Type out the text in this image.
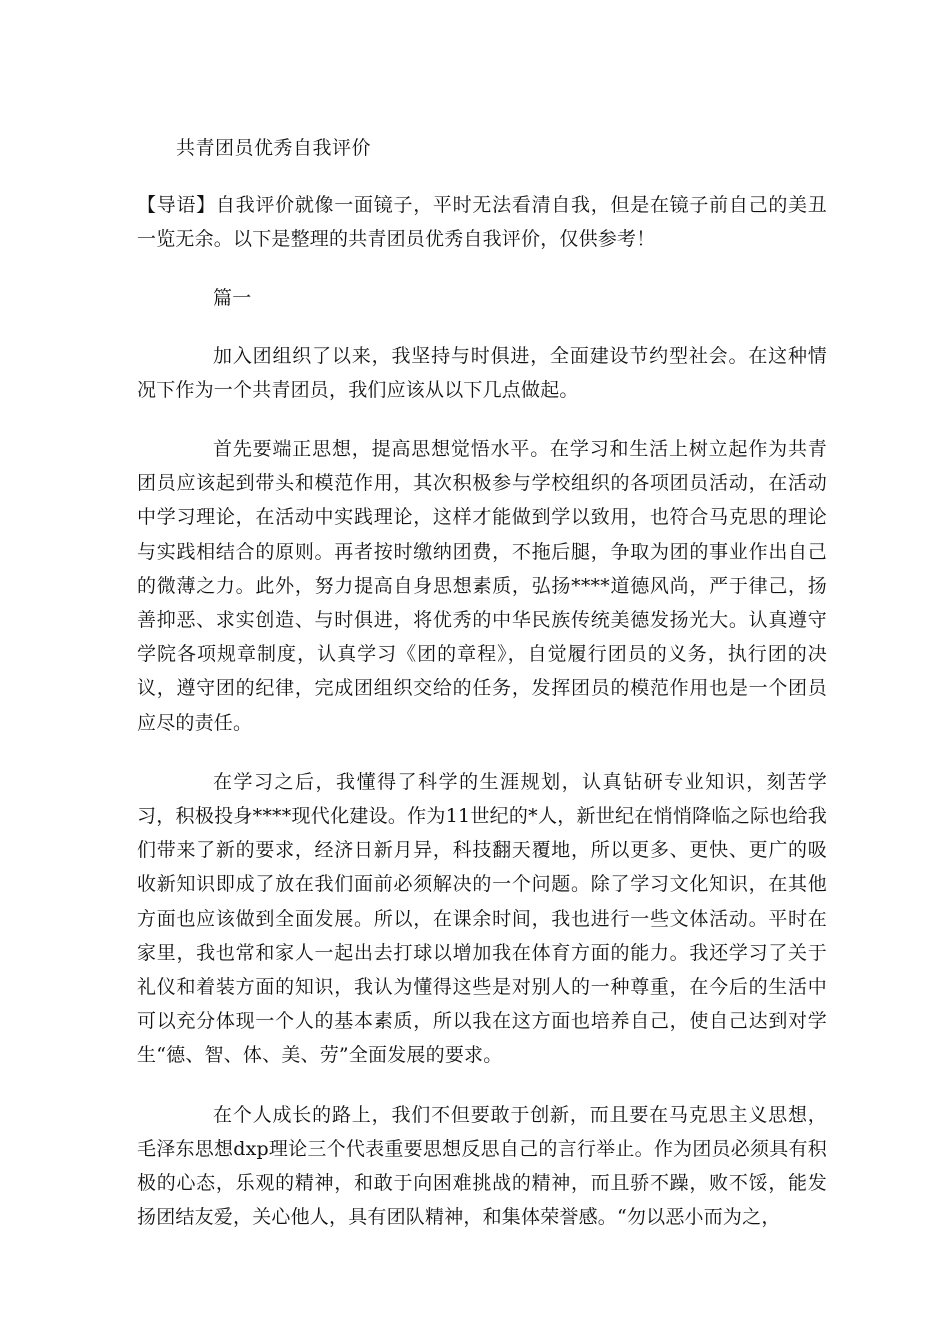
共青团员优秀自我评价

【导语】自我评价就像一面镜子，平时无法看清自我，但是在镜子前自己的美丑一览无余。以下是整理的共青团员优秀自我评价，仅供参考！

篇一

加入团组织了以来，我坚持与时俱进，全面建设节约型社会。在这种情况下作为一个共青团员，我们应该从以下几点做起。

首先要端正思想，提高思想觉悟水平。在学习和生活上树立起作为共青团员应该起到带头和模范作用，其次积极参与学校组织的各项团员活动，在活动中学习理论，在活动中实践理论，这样才能做到学以致用，也符合马克思的理论与实践相结合的原则。再者按时缴纳团费，不拖后腿，争取为团的事业作出自己的微薄之力。此外，努力提高自身思想素质，弘扬****道德风尚，严于律己，扬善抑恶、求实创造、与时俱进，将优秀的中华民族传统美德发扬光大。认真遵守学院各项规章制度，认真学习《团的章程》，自觉履行团员的义务，执行团的决议，遵守团的纪律，完成团组织交给的任务，发挥团员的模范作用也是一个团员应尽的责任。

在学习之后，我懂得了科学的生涯规划，认真钻研专业知识，刻苦学习，积极投身****现代化建设。作为11世纪的*人，新世纪在悄悄降临之际也给我们带来了新的要求，经济日新月异，科技翻天覆地，所以更多、更快、更广的吸收新知识即成了放在我们面前必须解决的一个问题。除了学习文化知识，在其他方面也应该做到全面发展。所以，在课余时间，我也进行一些文体活动。平时在家里，我也常和家人一起出去打球以增加我在体育方面的能力。我还学习了关于礼仪和着装方面的知识，我认为懂得这些是对别人的一种尊重，在今后的生活中可以充分体现一个人的基本素质，所以我在这方面也培养自己，使自己达到对学生“德、智、体、美、劳”全面发展的要求。

在个人成长的路上，我们不但要敢于创新，而且要在马克思主义思想，毛泽东思想dxp理论三个代表重要思想反思自己的言行举止。作为团员必须具有积极的心态，乐观的精神，和敢于向困难挑战的精神，而且骄不躁，败不馁，能发扬团结友爱，关心他人，具有团队精神，和集体荣誉感。“勿以恶小而为之，
